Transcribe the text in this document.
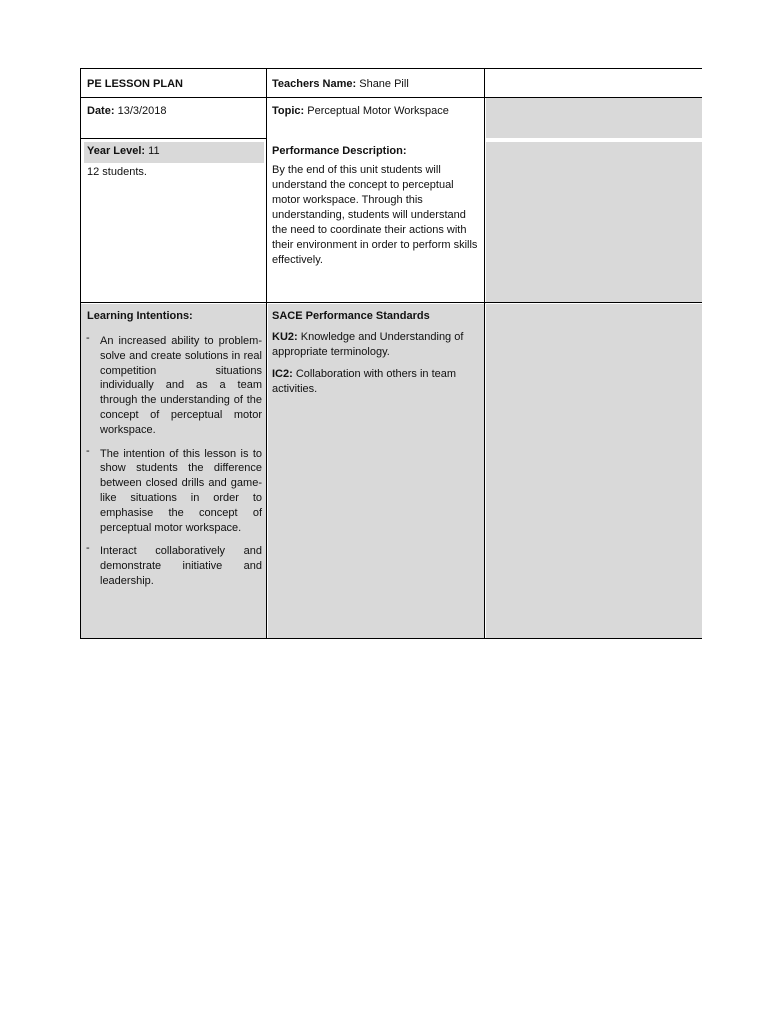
PE LESSON PLAN	Teachers Name: Shane Pill
Date: 13/3/2018	Topic: Perceptual Motor Workspace
Year Level: 11
12 students.
Performance Description:
By the end of this unit students will understand the concept to perceptual motor workspace. Through this understanding, students will understand the need to coordinate their actions with their environment in order to perform skills effectively.
Learning Intentions:
- An increased ability to problem-solve and create solutions in real competition situations individually and as a team through the understanding of the concept of perceptual motor workspace.
- The intention of this lesson is to show students the difference between closed drills and game-like situations in order to emphasise the concept of perceptual motor workspace.
- Interact collaboratively and demonstrate initiative and leadership.
SACE Performance Standards
KU2: Knowledge and Understanding of appropriate terminology.
IC2: Collaboration with others in team activities.
